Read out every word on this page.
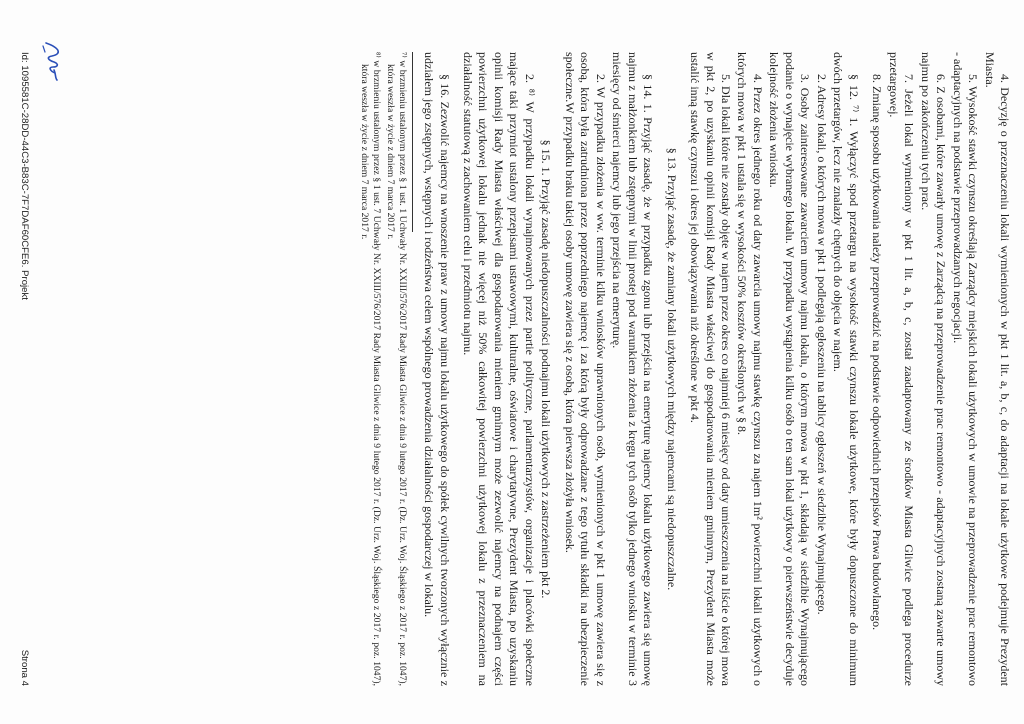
4. Decyzję o przeznaczeniu lokali wymienionych w pkt 1 lit. a, b, c, do adaptacji na lokale użytkowe podejmuje Prezydent Miasta.

5. Wysokość stawki czynszu określają Zarządcy miejskich lokali użytkowych w umowie na przeprowadzenie prac remontowo - adaptacyjnych na podstawie przeprowadzanych negocjacji.

6. Z osobami, które zawarły umowę z Zarządcą na przeprowadzenie prac remontowo - adaptacyjnych zostaną zawarte umowy najmu po zakończeniu tych prac.

7. Jeżeli lokal wymieniony w pkt 1 lit. a, b, c, został zaadaptowany ze środków Miasta Gliwice podlega procedurze przetargowej.

8. Zmianę sposobu użytkowania należy przeprowadzić na podstawie odpowiednich przepisów Prawa budowlanego.

§ 12. ⁷⁾ 1. Wyłączyć spod przetargu na wysokość stawki czynszu lokale użytkowe, które były dopuszczone do minimum dwóch przetargów, lecz nie znalazły chętnych do objęcia w najem.

2. Adresy lokali, o których mowa w pkt 1 podlegają ogłoszeniu na tablicy ogłoszeń w siedzibie Wynajmującego.

3. Osoby zainteresowane zawarciem umowy najmu lokalu, o którym mowa w pkt 1, składają w siedzibie Wynajmującego podanie o wynajęcie wybranego lokalu. W przypadku wystąpienia kilku osób o ten sam lokal użytkowy o pierwszeństwie decyduje kolejność złożenia wniosku.

4. Przez okres jednego roku od daty zawarcia umowy najmu stawkę czynszu za najem 1m² powierzchni lokali użytkowych o których mowa w pkt 1 ustala się w wysokości 50% kosztów określonych w § 8.

5. Dla lokali które nie zostały objęte w najem przez okres co najmniej 6 miesięcy od daty umieszczenia na liście o której mowa w pkt 2, po uzyskaniu opinii komisji Rady Miasta właściwej do gospodarowania mieniem gminnym, Prezydent Miasta może ustalić inną stawkę czynszu i okres jej obowiązywania niż określone w pkt 4.

§ 13. Przyjąć zasadę, że zamiany lokali użytkowych między najemcami są niedopuszczalne.

§ 14. 1. Przyjąć zasadę, że w przypadku zgonu lub przejścia na emeryturę najemcy lokalu użytkowego zawiera się umowę najmu z małżonkiem lub zstępnymi w linii prostej pod warunkiem złożenia z kręgu tych osób tylko jednego wniosku w terminie 3 miesięcy od śmierci najemcy lub jego przejścia na emeryturę.

2. W przypadku złożenia w ww. terminie kilku wniosków uprawnionych osób, wymienionych w pkt 1 umowę zawiera się z osobą, która była zatrudniona przez poprzedniego najemcę i za którą były odprowadzane z tego tytułu składki na ubezpieczenie społeczne.W przypadku braku takiej osoby umowę zawiera się z osobą, która pierwsza złożyła wniosek.

§ 15. 1. Przyjąć zasadę niedopuszczalności podnajmu lokali użytkowych z zastrzeżeniem pkt 2.

2. ⁸⁾ W przypadku lokali wynajmowanych przez partie polityczne, parlamentarzystów, organizacje i placówki społeczne mające taki przymiot ustalony przepisami ustawowymi, kulturalne, oświatowe i charytatywne, Prezydent Miasta, po uzyskaniu opinii komisji Rady Miasta właściwej dla gospodarowania mieniem gminnym może zezwolić najemcy na podnajem części powierzchni użytkowej lokalu jednak nie więcej niż 50% całkowitej powierzchni użytkowej lokalu z przeznaczeniem na działalność statutową z zachowaniem celu i przedmiotu najmu.

§ 16. Zezwolić najemcy na wnoszenie praw z umowy najmu lokalu użytkowego do spółek cywilnych tworzonych wyłącznie z udziałem jego zstępnych, wstępnych i rodzeństwa celem wspólnego prowadzenia działalności gospodarczej w lokalu.

⁷⁾ w brzmieniu ustalonym przez § 1 ust. 1 Uchwały Nr. XXIII/576/2017 Rady Miasta Gliwice z dnia 9 lutego 2017 r. (Dz. Urz. Woj. Śląskiego z 2017 r. poz. 1047), która weszła w życie z dniem 7 marca 2017 r.

⁸⁾ w brzmieniu ustalonym przez § 1 ust. 7 Uchwały Nr. XXIII/576/2017 Rady Miasta Gliwice z dnia 9 lutego 2017 r. (Dz. Urz. Woj. Śląskiego z 2017 r. poz. 1047), która weszła w życie z dniem 7 marca 2017 r.

Id: 1095581C-28DD-44C3-B83C-7F7DAF60CFE6. Projekt
Strona 4
